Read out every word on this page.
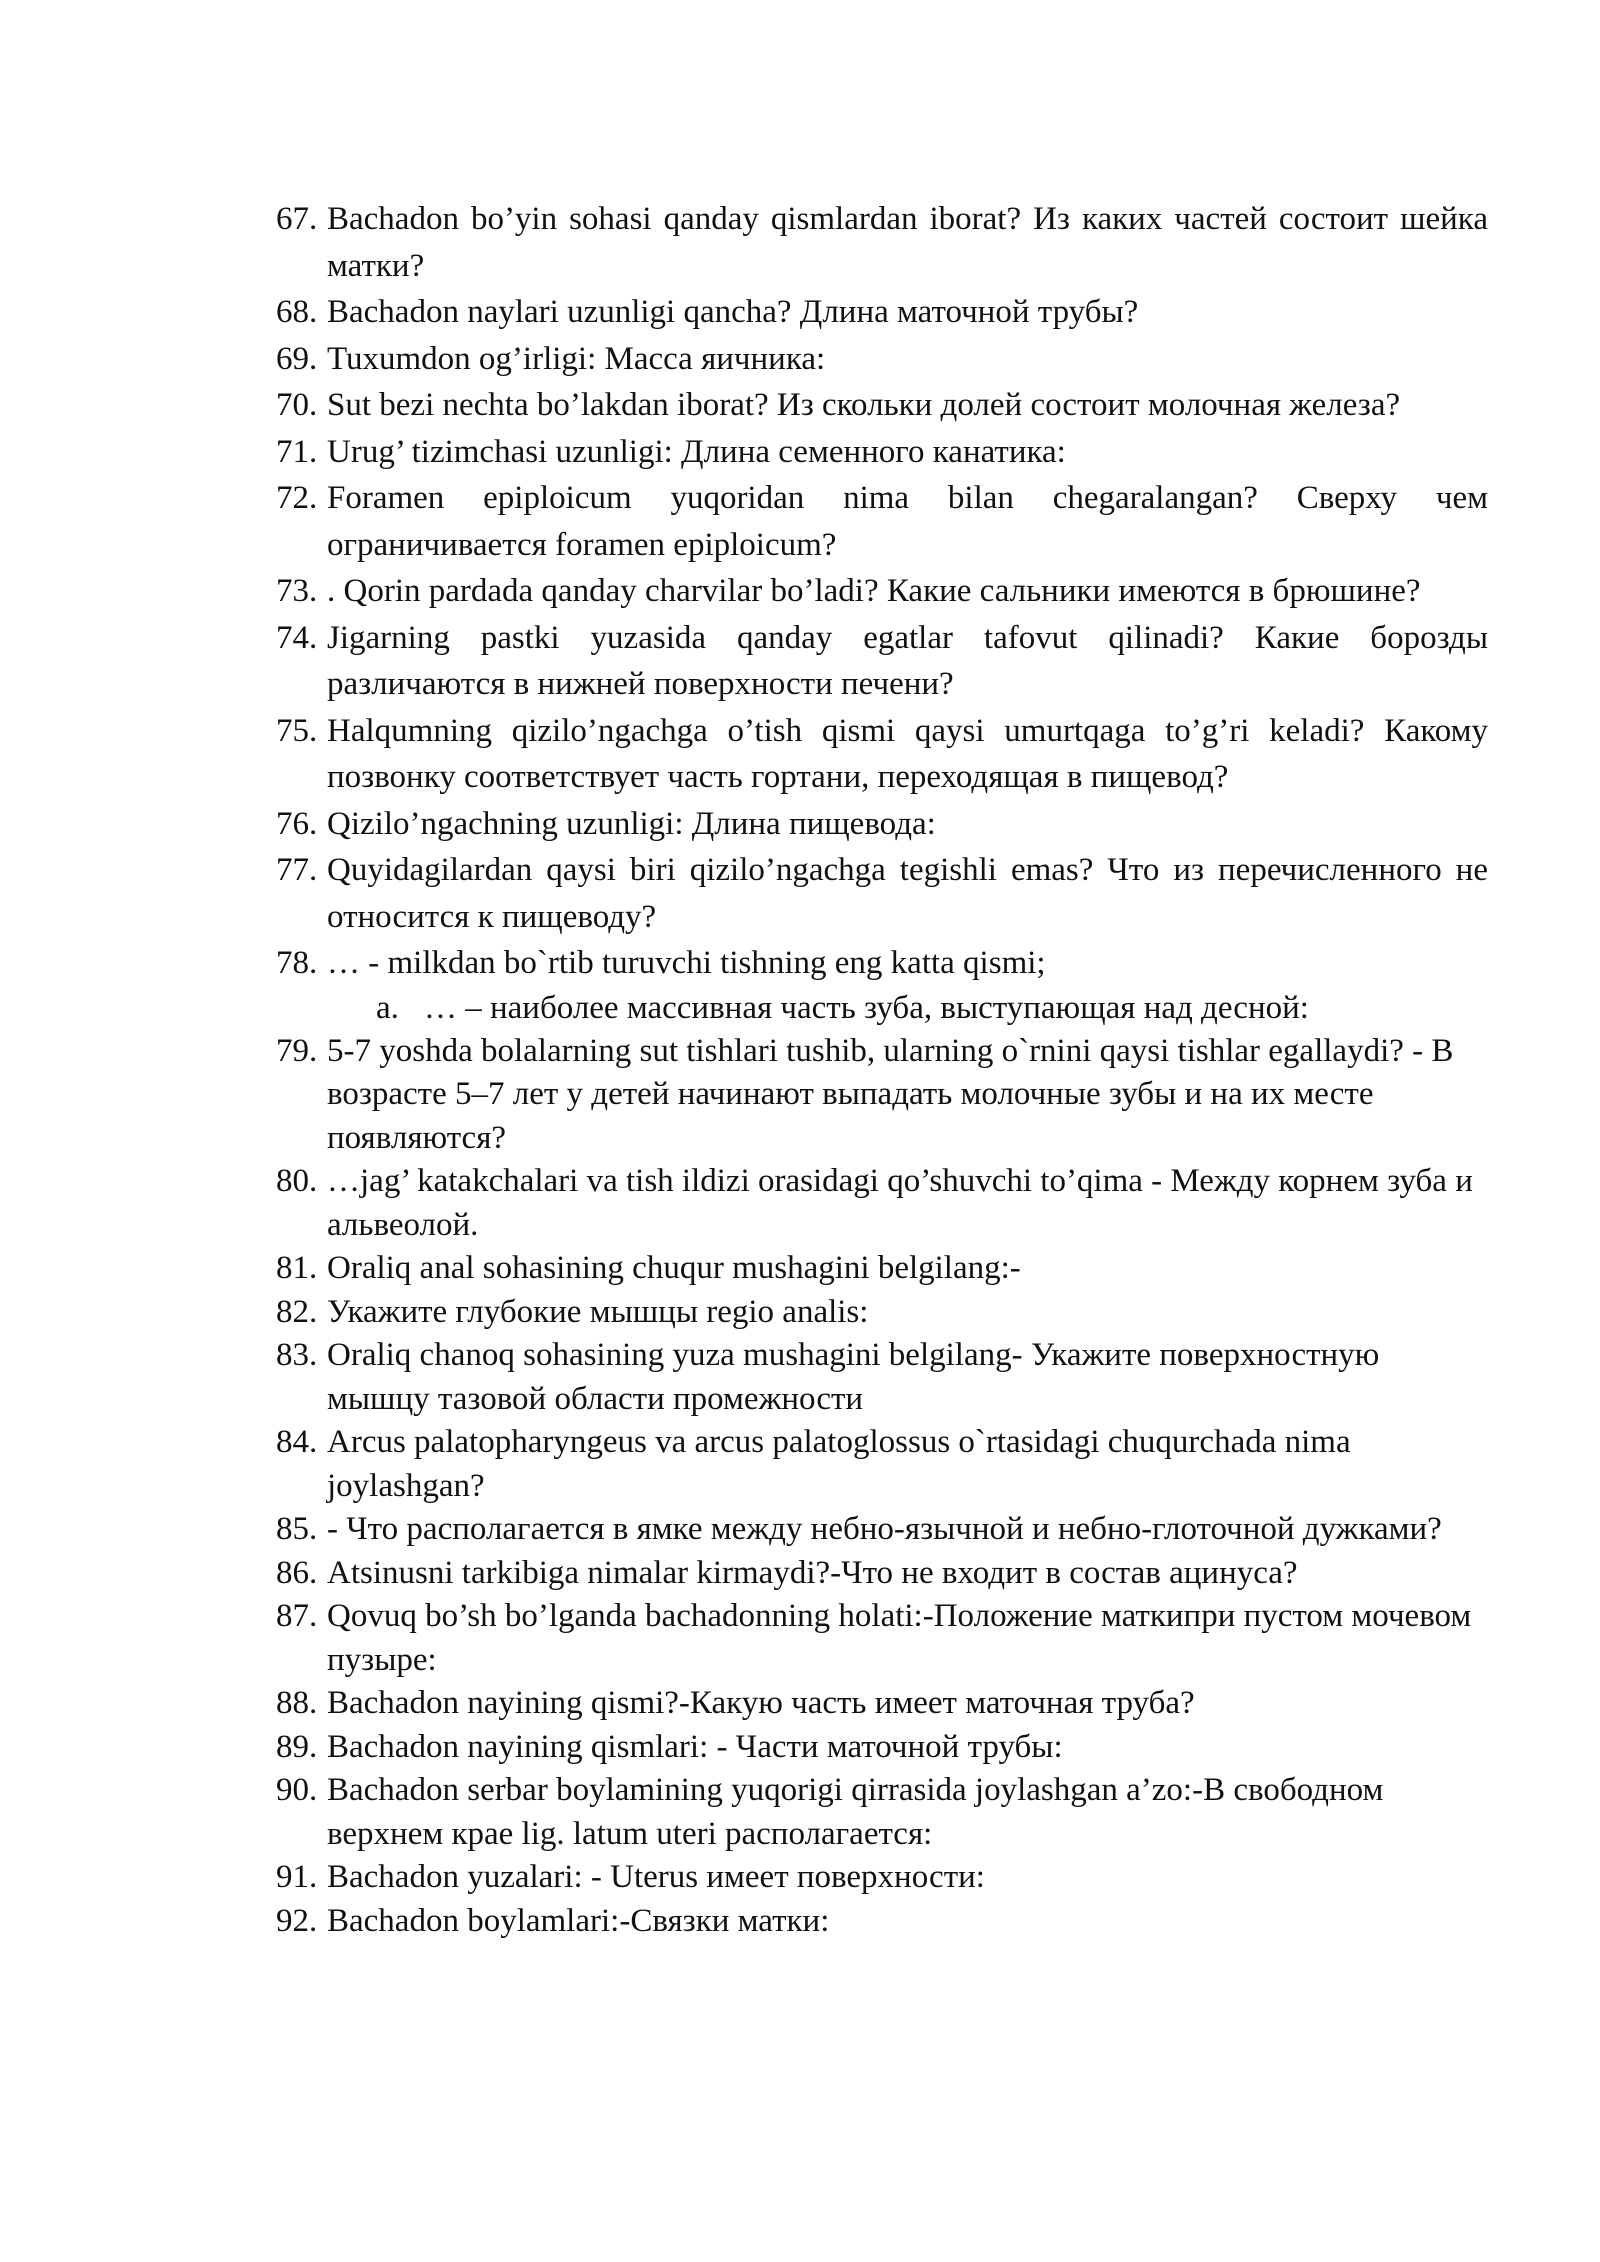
67. Bachadon bo’yin sohasi qanday qismlardan iborat? Из каких частей состоит шейка матки?
68. Bachadon naylari uzunligi qancha? Длина маточной трубы?
69. Tuxumdon og’irligi: Масса яичника:
70. Sut bezi nechta bo’lakdan iborat? Из скольки долей состоит молочная железа?
71. Urug’ tizimchasi uzunligi: Длина семенного канатика:
72. Foramen epiploicum yuqoridan nima bilan chegaralangan? Сверху чем ограничивается foramen epiploicum?
73. . Qorin pardada qanday charvilar bo’ladi? Какие сальники имеются в брюшине?
74. Jigarning pastki yuzasida qanday egatlar tafovut qilinadi? Какие борозды различаются в нижней поверхности печени?
75. Halqumning qizilo’ngachga o’tish qismi qaysi umurtqaga to’g’ri keladi? Какому позвонку соответствует часть гортани, переходящая в пищевод?
76. Qizilo’ngachning uzunligi: Длина пищевода:
77. Quyidagilardan qaysi biri qizilo’ngachga tegishli emas? Что из перечисленного не относится к пищеводу?
78. … - milkdan bo`rtib turuvchi tishning eng katta qismi;
a. … – наиболее массивная часть зуба, выступающая над десной:
79. 5-7 yoshda bolalarning sut tishlari tushib, ularning o`rnini qaysi tishlar egallaydi? - В возрасте 5–7 лет у детей начинают выпадать молочные зубы и на их месте появляются?
80. …jag’ katakchalari va tish ildizi orasidagi qo’shuvchi to’qima - Между корнем зуба и альвеолой.
81. Oraliq anal sohasining chuqur mushagini belgilang:-
82. Укажите глубокие мышцы regio analis:
83. Oraliq chanoq sohasining yuza mushagini belgilang- Укажите поверхностную мышцу тазовой области промежности
84. Arcus palatopharyngeus va arcus palatoglossus o`rtasidagi chuqurchada nima joylashgan?
85. - Что располагается в ямке между небно-язычной и небно-глоточной дужками?
86. Atsinusni tarkibiga nimalar kirmaydi?-Что не входит в состав ацинуса?
87. Qovuq bo’sh bo’lganda bachadonning holati:-Положение маткипри пустом мочевом пузыре:
88. Bachadon nayining qismi?-Какую часть имеет маточная труба?
89. Bachadon nayining qismlari: - Части маточной трубы:
90. Bachadon serbar boylamining yuqorigi qirrasida joylashgan a’zo:-В свободном верхнем крае lig. latum uteri располагается:
91. Bachadon yuzalari: - Uterus имеет поверхности:
92. Bachadon boylamlari:-Связки матки:
